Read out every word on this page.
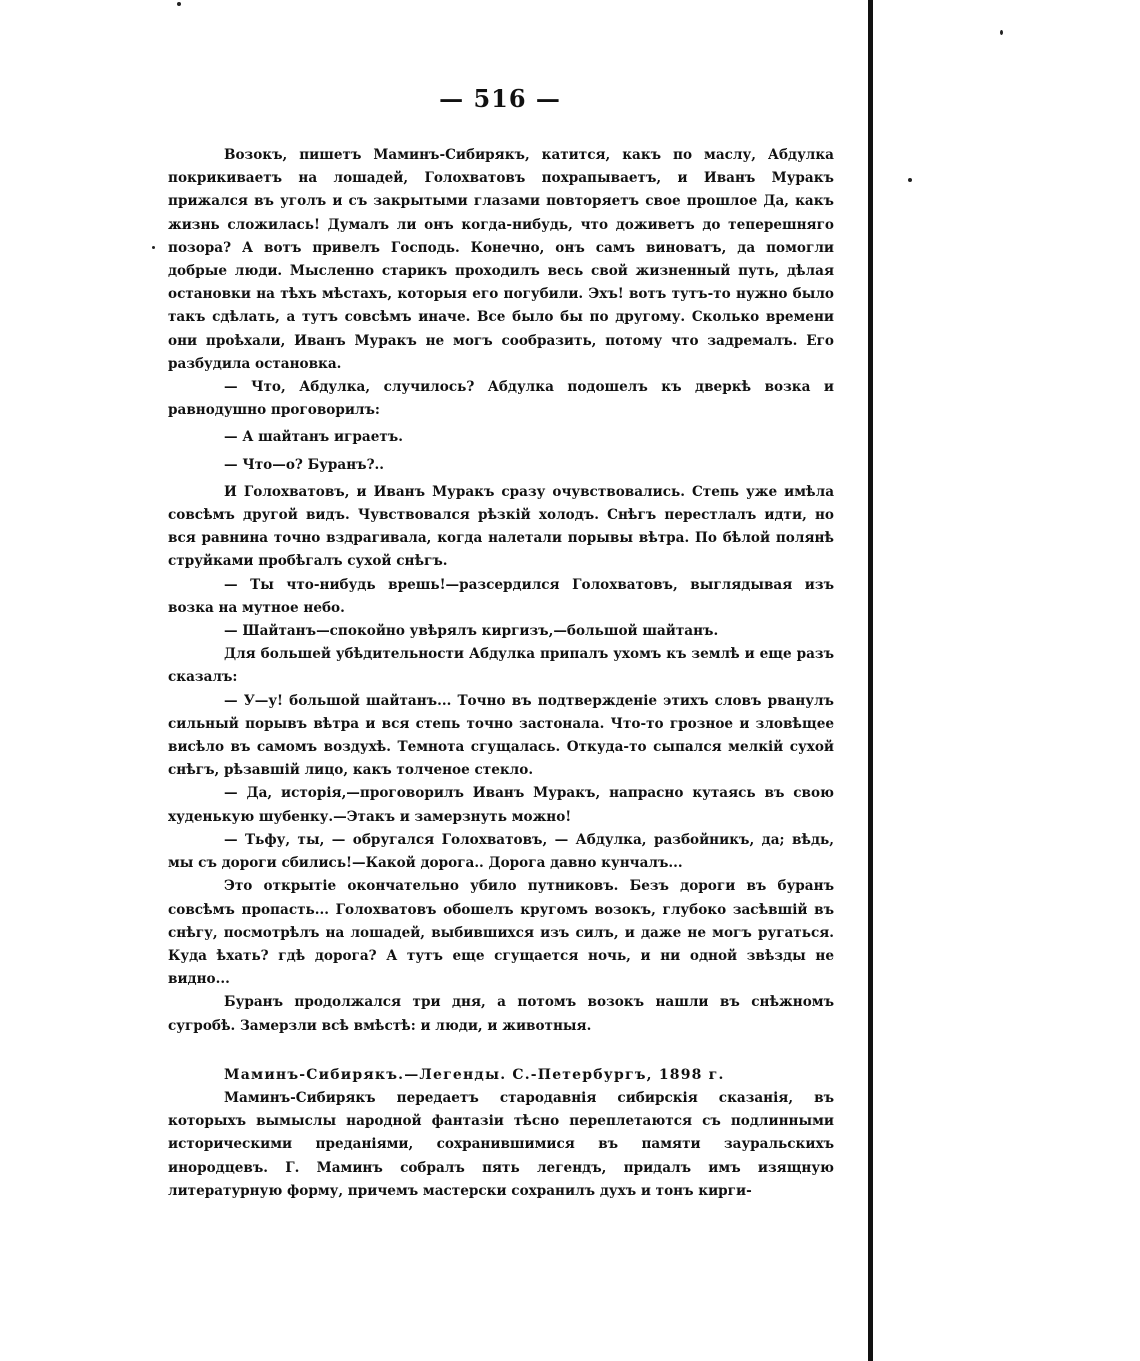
— 516 —

Возокъ, пишетъ Маминъ-Сибирякъ, катится, какъ по маслу, Абдулка покрикиваетъ на лошадей, Голохватовъ похрапываетъ, и Иванъ Муракъ прижался въ уголъ и съ закрытыми глазами повторяетъ свое прошлое Да, какъ жизнь сложилась! Думалъ ли онъ когда-нибудь, что доживетъ до теперешняго позора? А вотъ привелъ Господь. Конечно, онъ самъ виноватъ, да помогли добрые люди. Мысленно старикъ проходилъ весь свой жизненный путь, дѣлая остановки на тѣхъ мѣстахъ, которыя его погубили. Эхъ! вотъ тутъ-то нужно было такъ сдѣлать, а тутъ совсѣмъ иначе. Все было бы по другому. Сколько времени они проѣхали, Иванъ Муракъ не могъ сообразить, потому что задремалъ. Его разбудила остановка.

— Что, Абдулка, случилось? Абдулка подошелъ къ дверкѣ возка и равнодушно проговорилъ:

— А шайтанъ играетъ.

— Что—о? Буранъ?..

И Голохватовъ, и Иванъ Муракъ сразу очувствовались. Степь уже имѣла совсѣмъ другой видъ. Чувствовался рѣзкій холодъ. Снѣгъ перестлалъ идти, но вся равнина точно вздрагивала, когда налетали порывы вѣтра. По бѣлой полянѣ струйками пробѣгалъ сухой снѣгъ.

— Ты что-нибудь врешь!—разсердился Голохватовъ, выглядывая изъ возка на мутное небо.

— Шайтанъ—спокойно увѣрялъ киргизъ,—большой шайтанъ.

Для большей убѣдительности Абдулка припалъ ухомъ къ землѣ и еще разъ сказалъ:

— У—у! большой шайтанъ... Точно въ подтвержденіе этихъ словъ рванулъ сильный порывъ вѣтра и вся степь точно застонала. Что-то грозное и зловѣщее висѣло въ самомъ воздухѣ. Темнота сгущалась. Откуда-то сыпался мелкій сухой снѣгъ, рѣзавшій лицо, какъ толченое стекло.

— Да, исторія,—проговорилъ Иванъ Муракъ, напрасно кутаясь въ свою худенькую шубенку.—Этакъ и замерзнуть можно!

— Тьфу, ты, — обругался Голохватовъ, — Абдулка, разбойникъ, да; вѣдь, мы съ дороги сбились!—Какой дорога.. Дорога давно кунчалъ...

Это открытіе окончательно убило путниковъ. Безъ дороги въ буранъ совсѣмъ пропасть... Голохватовъ обошелъ кругомъ возокъ, глубоко засѣвшій въ снѣгу, посмотрѣлъ на лошадей, выбившихся изъ силъ, и даже не могъ ругаться. Куда ѣхать? гдѣ дорога? А тутъ еще сгущается ночь, и ни одной звѣзды не видно...

Буранъ продолжался три дня, а потомъ возокъ нашли въ снѣжномъ сугробѣ. Замерзли всѣ вмѣстѣ: и люди, и животныя.

Маминъ-Сибирякъ.—Легенды. С.-Петербургъ, 1898 г.

Маминъ-Сибирякъ передаетъ стародавнія сибирскія сказанія, въ которыхъ вымыслы народной фантазіи тѣсно переплетаются съ подлинными историческими преданіями, сохранившимися въ памяти зауральскихъ инородцевъ. Г. Маминъ собралъ пять легендъ, придалъ имъ изящную литературную форму, причемъ мастерски сохранилъ духъ и тонъ кирги-
